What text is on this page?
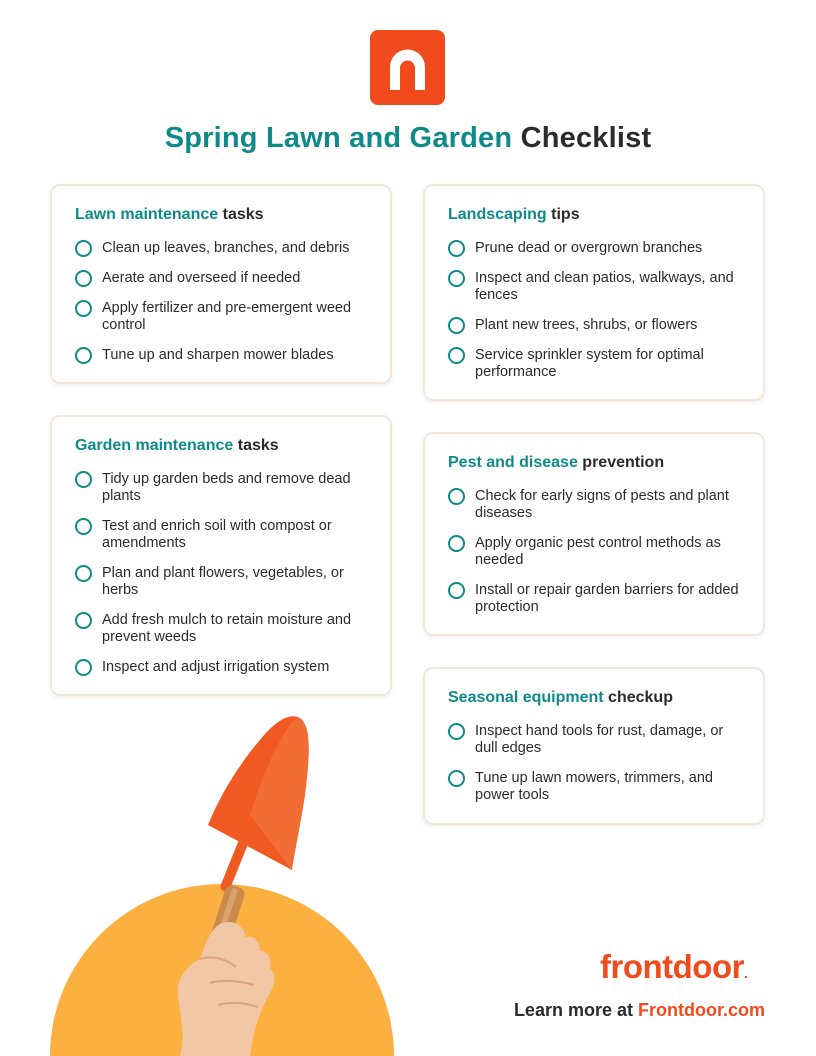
Spring Lawn and Garden Checklist
Lawn maintenance tasks
Clean up leaves, branches, and debris
Aerate and overseed if needed
Apply fertilizer and pre-emergent weed control
Tune up and sharpen mower blades
Garden maintenance tasks
Tidy up garden beds and remove dead plants
Test and enrich soil with compost or amendments
Plan and plant flowers, vegetables, or herbs
Add fresh mulch to retain moisture and prevent weeds
Inspect and adjust irrigation system
Landscaping tips
Prune dead or overgrown branches
Inspect and clean patios, walkways, and fences
Plant new trees, shrubs, or flowers
Service sprinkler system for optimal performance
Pest and disease prevention
Check for early signs of pests and plant diseases
Apply organic pest control methods as needed
Install or repair garden barriers for added protection
Seasonal equipment checkup
Inspect hand tools for rust, damage, or dull edges
Tune up lawn mowers, trimmers, and power tools
frontdoor.
Learn more at Frontdoor.com
